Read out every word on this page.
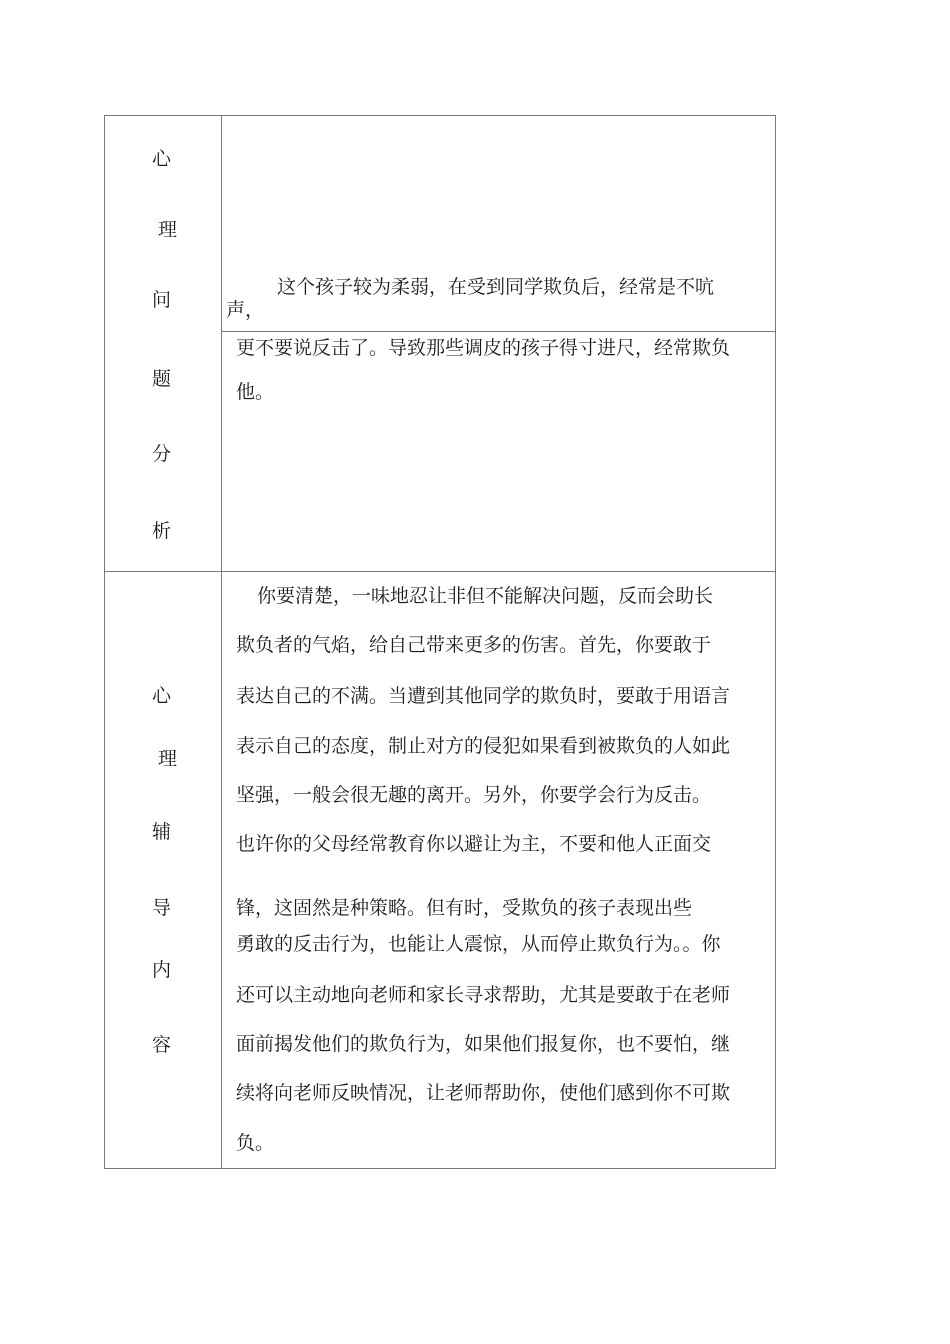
心
理
问
题
分
析
这个孩子较为柔弱，在受到同学欺负后，经常是不吭
声，
更不要说反击了。导致那些调皮的孩子得寸进尺，经常欺负
他。
心
理
辅
导
内
容
你要清楚，一味地忍让非但不能解决问题，反而会助长
欺负者的气焰，给自己带来更多的伤害。首先，你要敢于
表达自己的不满。当遭到其他同学的欺负时，要敢于用语言
表示自己的态度，制止对方的侵犯如果看到被欺负的人如此
坚强，一般会很无趣的离开。另外，你要学会行为反击。
也许你的父母经常教育你以避让为主，不要和他人正面交
锋，这固然是种策略。但有时，受欺负的孩子表现出些
勇敢的反击行为，也能让人震惊，从而停止欺负行为。。你
还可以主动地向老师和家长寻求帮助，尤其是要敢于在老师
面前揭发他们的欺负行为，如果他们报复你，也不要怕，继
续将向老师反映情况，让老师帮助你，使他们感到你不可欺
负。
